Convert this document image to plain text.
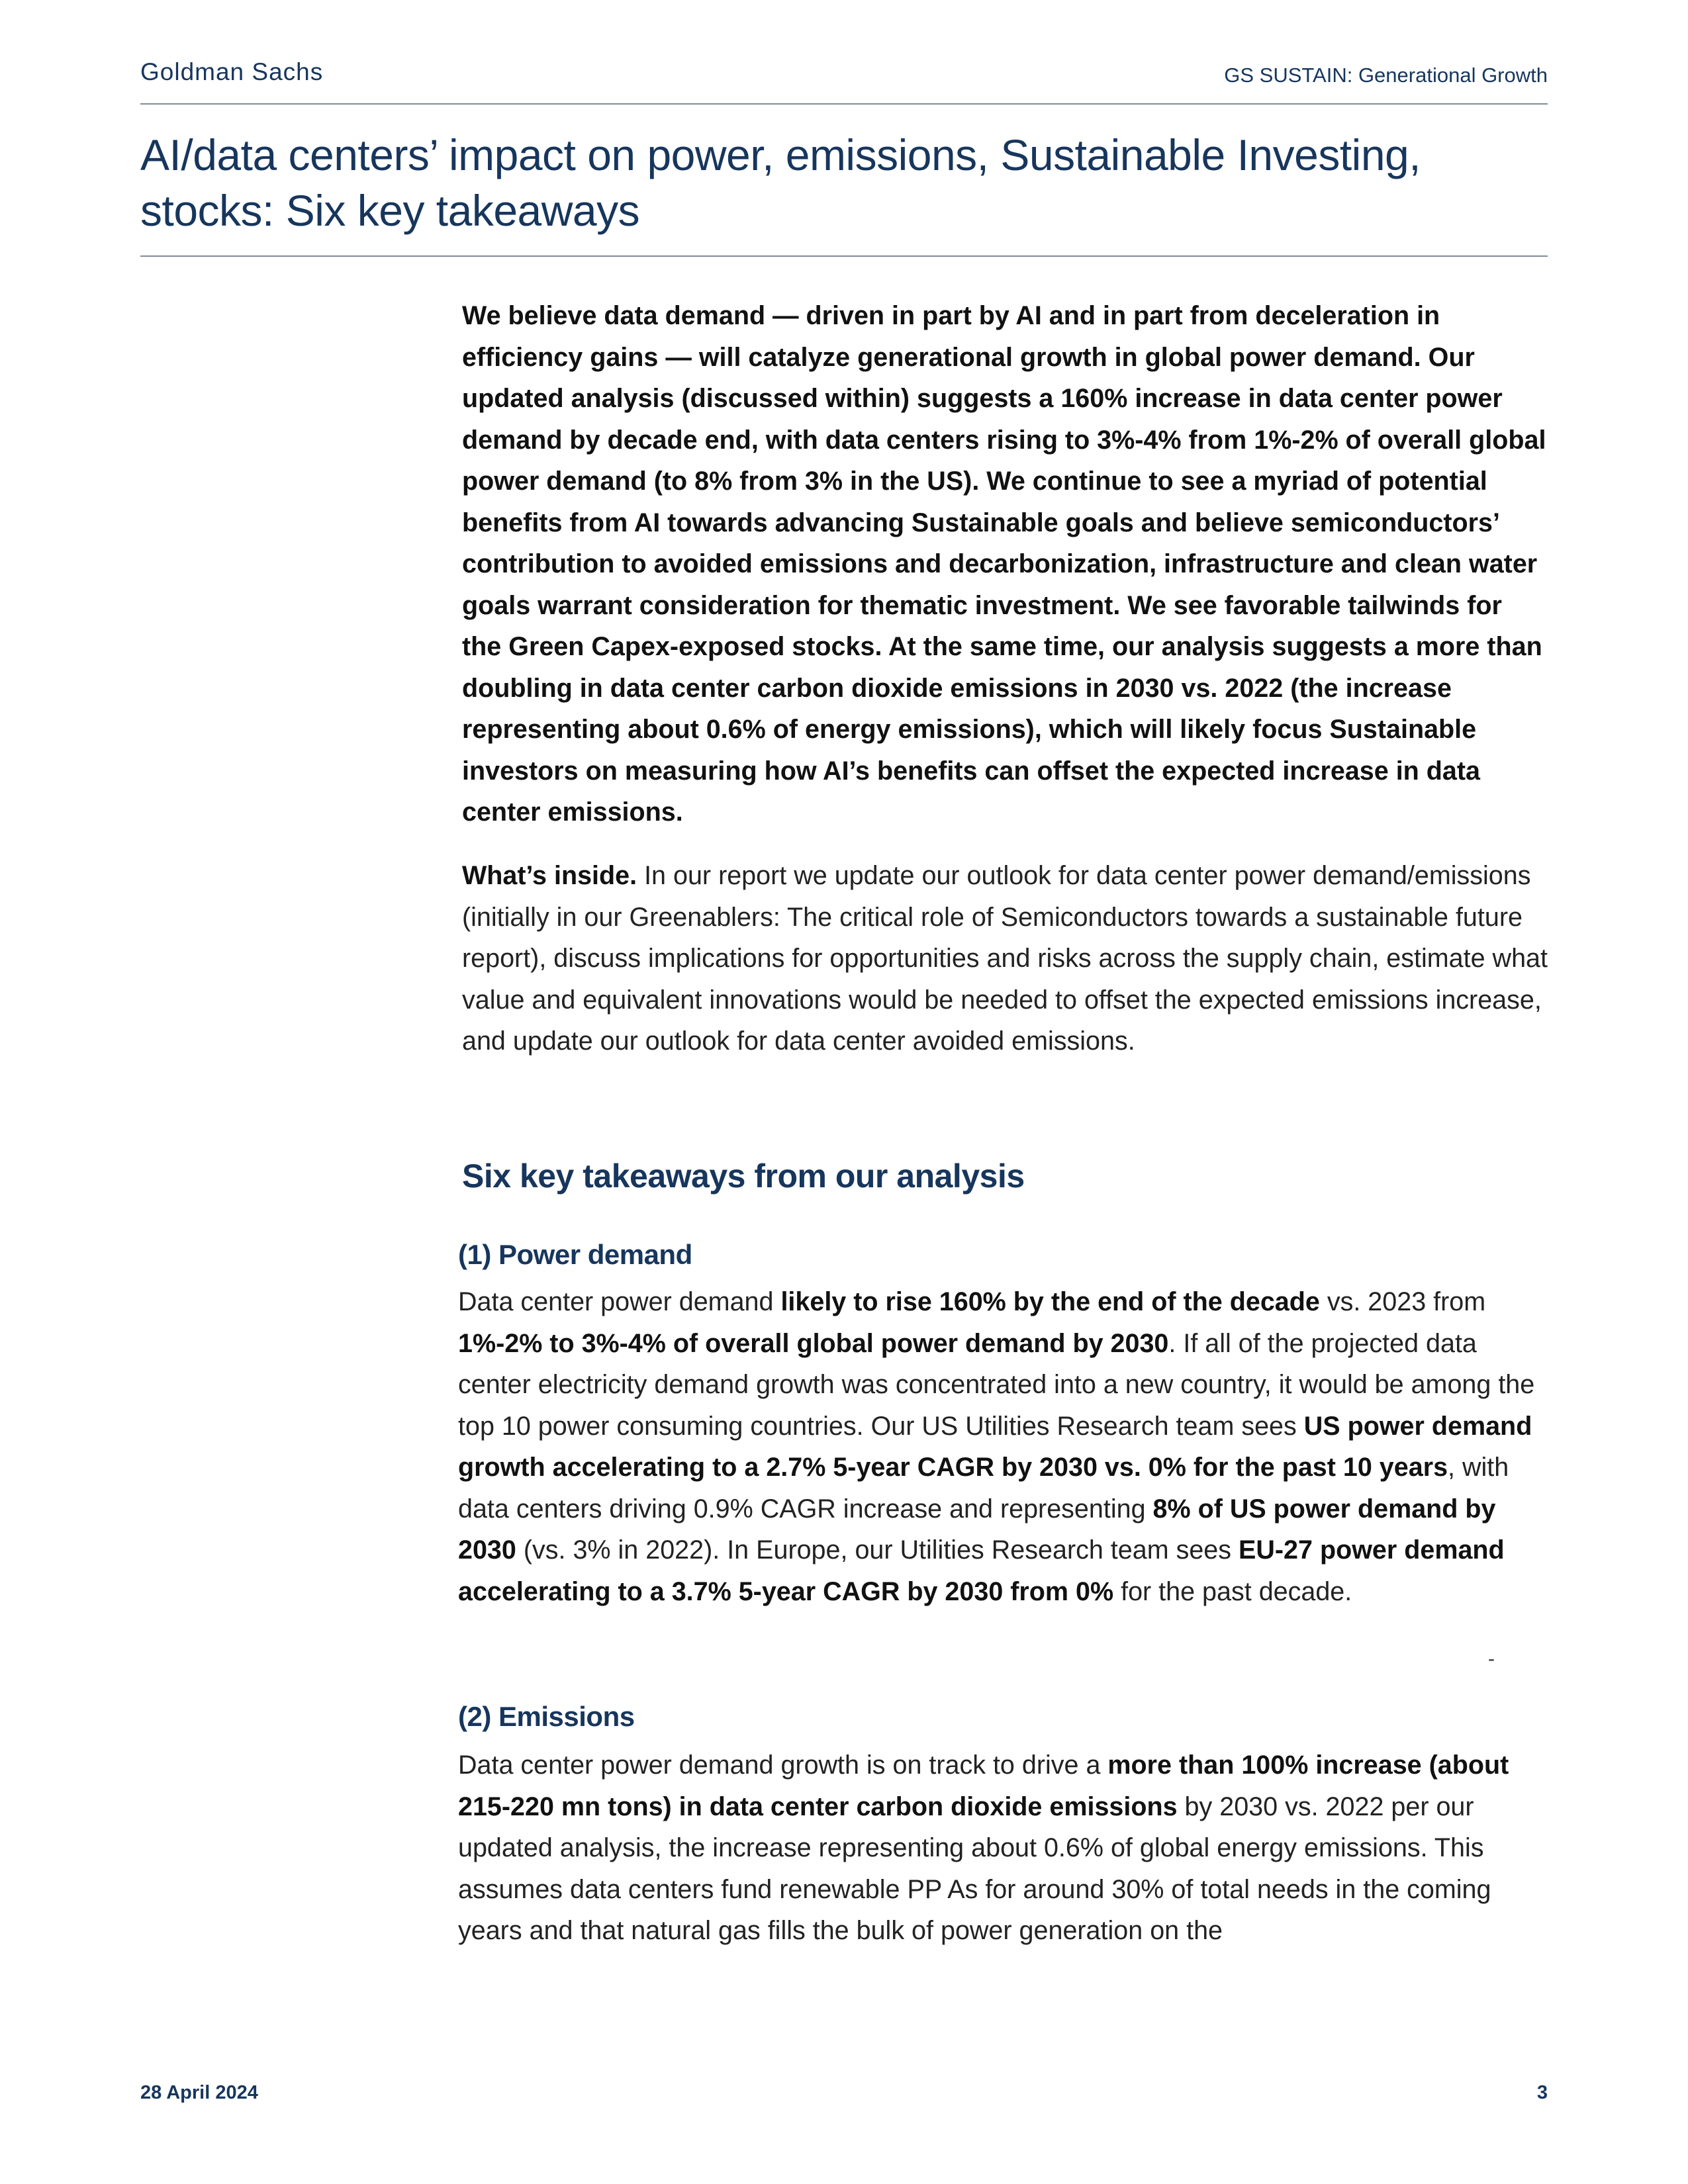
Goldman Sachs	GS SUSTAIN: Generational Growth
AI/data centers’ impact on power, emissions, Sustainable Investing, stocks: Six key takeaways
We believe data demand — driven in part by AI and in part from deceleration in efficiency gains — will catalyze generational growth in global power demand. Our updated analysis (discussed within) suggests a 160% increase in data center power demand by decade end, with data centers rising to 3%-4% from 1%-2% of overall global power demand (to 8% from 3% in the US). We continue to see a myriad of potential benefits from AI towards advancing Sustainable goals and believe semiconductors’ contribution to avoided emissions and decarbonization, infrastructure and clean water goals warrant consideration for thematic investment. We see favorable tailwinds for the Green Capex-exposed stocks. At the same time, our analysis suggests a more than doubling in data center carbon dioxide emissions in 2030 vs. 2022 (the increase representing about 0.6% of energy emissions), which will likely focus Sustainable investors on measuring how AI’s benefits can offset the expected increase in data center emissions.
What’s inside. In our report we update our outlook for data center power demand/emissions (initially in our Greenablers: The critical role of Semiconductors towards a sustainable future report), discuss implications for opportunities and risks across the supply chain, estimate what value and equivalent innovations would be needed to offset the expected emissions increase, and update our outlook for data center avoided emissions.
Six key takeaways from our analysis
(1) Power demand
Data center power demand likely to rise 160% by the end of the decade vs. 2023 from 1%-2% to 3%-4% of overall global power demand by 2030. If all of the projected data center electricity demand growth was concentrated into a new country, it would be among the top 10 power consuming countries. Our US Utilities Research team sees US power demand growth accelerating to a 2.7% 5-year CAGR by 2030 vs. 0% for the past 10 years, with data centers driving 0.9% CAGR increase and representing 8% of US power demand by 2030 (vs. 3% in 2022). In Europe, our Utilities Research team sees EU-27 power demand accelerating to a 3.7% 5-year CAGR by 2030 from 0% for the past decade.
-
(2) Emissions
Data center power demand growth is on track to drive a more than 100% increase (about 215-220 mn tons) in data center carbon dioxide emissions by 2030 vs. 2022 per our updated analysis, the increase representing about 0.6% of global energy emissions. This assumes data centers fund renewable PP As for around 30% of total needs in the coming years and that natural gas fills the bulk of power generation on the
28 April 2024	3
